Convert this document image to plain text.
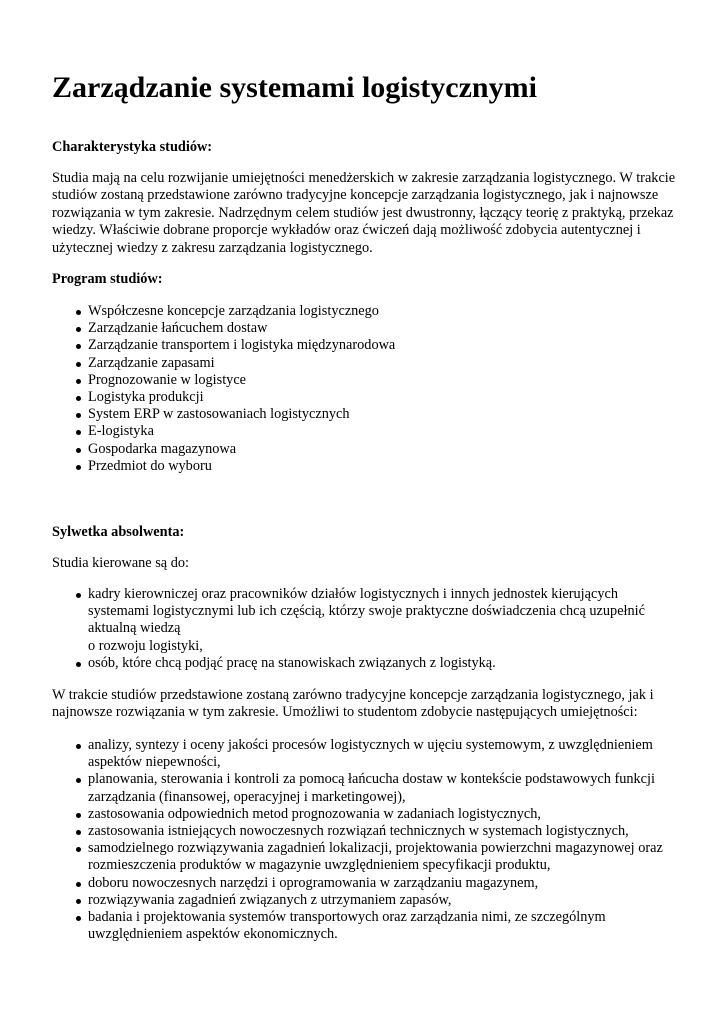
Zarządzanie systemami logistycznymi

Charakterystyka studiów:

Studia mają na celu rozwijanie umiejętności menedżerskich w zakresie zarządzania logistycznego. W trakcie studiów zostaną przedstawione zarówno tradycyjne koncepcje zarządzania logistycznego, jak i najnowsze rozwiązania w tym zakresie. Nadrzędnym celem studiów jest dwustronny, łączący teorię z praktyką, przekaz wiedzy. Właściwie dobrane proporcje wykładów oraz ćwiczeń dają możliwość zdobycia autentycznej i użytecznej wiedzy z zakresu zarządzania logistycznego.

Program studiów:

Współczesne koncepcje zarządzania logistycznego
Zarządzanie łańcuchem dostaw
Zarządzanie transportem i logistyka międzynarodowa
Zarządzanie zapasami
Prognozowanie w logistyce
Logistyka produkcji
System ERP w zastosowaniach logistycznych
E-logistyka
Gospodarka magazynowa
Przedmiot do wyboru

Sylwetka absolwenta:

Studia kierowane są do:

kadry kierowniczej oraz pracowników działów logistycznych i innych jednostek kierujących systemami logistycznymi lub ich częścią, którzy swoje praktyczne doświadczenia chcą uzupełnić aktualną wiedzą
o rozwoju logistyki,
osób, które chcą podjąć pracę na stanowiskach związanych z logistyką.

W trakcie studiów przedstawione zostaną zarówno tradycyjne koncepcje zarządzania logistycznego, jak i najnowsze rozwiązania w tym zakresie. Umożliwi to studentom zdobycie następujących umiejętności:

analizy, syntezy i oceny jakości procesów logistycznych w ujęciu systemowym, z uwzględnieniem aspektów niepewności,
planowania, sterowania i kontroli za pomocą łańcucha dostaw w kontekście podstawowych funkcji zarządzania (finansowej, operacyjnej i marketingowej),
zastosowania odpowiednich metod prognozowania w zadaniach logistycznych,
zastosowania istniejących nowoczesnych rozwiązań technicznych w systemach logistycznych,
samodzielnego rozwiązywania zagadnień lokalizacji, projektowania powierzchni magazynowej oraz rozmieszczenia produktów w magazynie uwzględnieniem specyfikacji produktu,
doboru nowoczesnych narzędzi i oprogramowania w zarządzaniu magazynem,
rozwiązywania zagadnień związanych z utrzymaniem zapasów,
badania i projektowania systemów transportowych oraz zarządzania nimi, ze szczególnym uwzględnieniem aspektów ekonomicznych.
